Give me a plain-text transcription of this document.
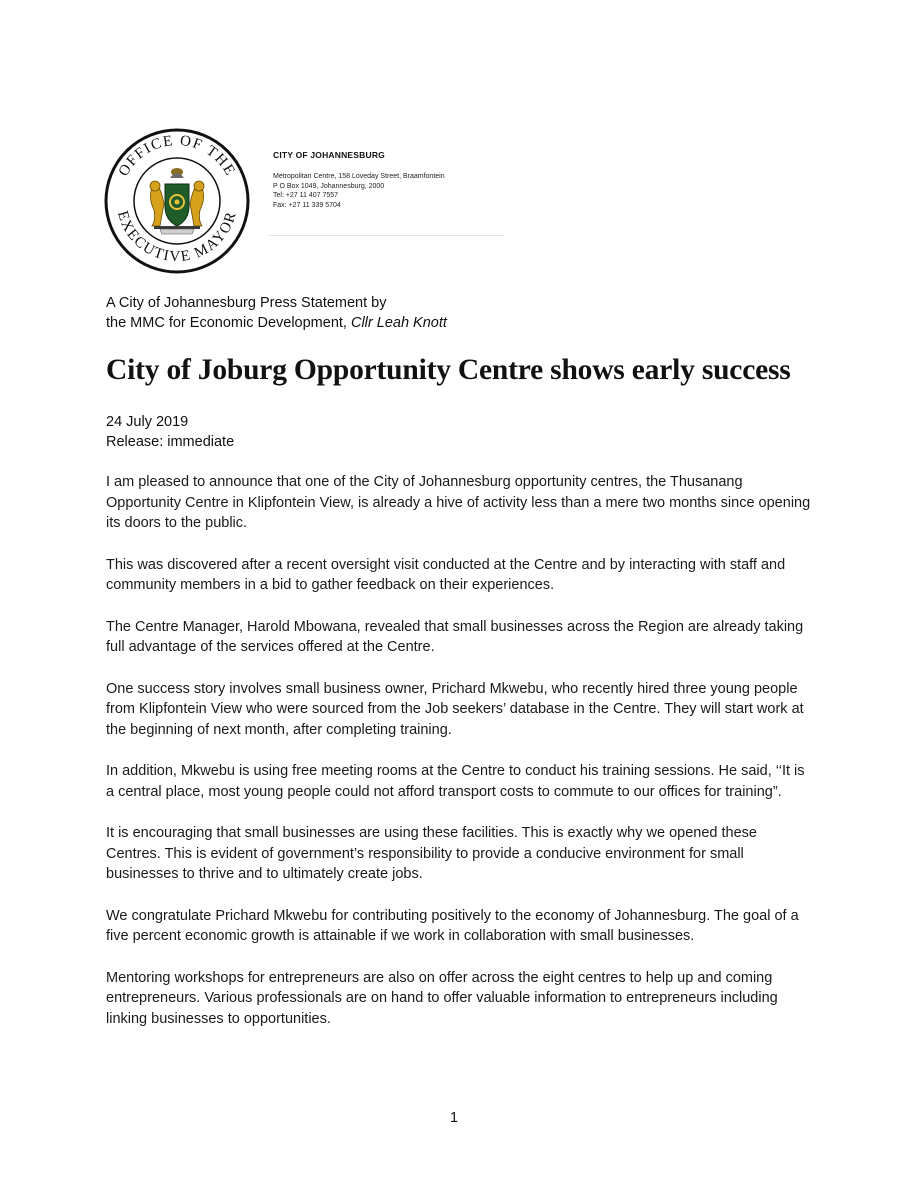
OFFICE OF THE
EXECUTIVE MAYOR
CITY OF JOHANNESBURG
Metropolitan Centre, 158 Loveday Street, Braamfontein
P O Box 1049, Johannesburg, 2000
Tel: +27 11 407 7557
Fax: +27 11 339 5704
A City of Johannesburg Press Statement by
the MMC for Economic Development, Cllr Leah Knott
City of Joburg Opportunity Centre shows early success
24 July 2019
Release: immediate

I am pleased to announce that one of the City of Johannesburg opportunity centres, the Thusanang Opportunity Centre in Klipfontein View, is already a hive of activity less than a mere two months since opening its doors to the public.

This was discovered after a recent oversight visit conducted at the Centre and by interacting with staff and community members in a bid to gather feedback on their experiences.

The Centre Manager, Harold Mbowana, revealed that small businesses across the Region are already taking full advantage of the services offered at the Centre.

One success story involves small business owner, Prichard Mkwebu, who recently hired three young people from Klipfontein View who were sourced from the Job seekers’ database in the Centre. They will start work at the beginning of next month, after completing training.

In addition, Mkwebu is using free meeting rooms at the Centre to conduct his training sessions. He said, ‘‘It is a central place, most young people could not afford transport costs to commute to our offices for training”.

It is encouraging that small businesses are using these facilities. This is exactly why we opened these Centres. This is evident of government’s responsibility to provide a conducive environment for small businesses to thrive and to ultimately create jobs.

We congratulate Prichard Mkwebu for contributing positively to the economy of Johannesburg. The goal of a five percent economic growth is attainable if we work in collaboration with small businesses.

Mentoring workshops for entrepreneurs are also on offer across the eight centres to help up and coming entrepreneurs. Various professionals are on hand to offer valuable information to entrepreneurs including linking businesses to opportunities.

1
